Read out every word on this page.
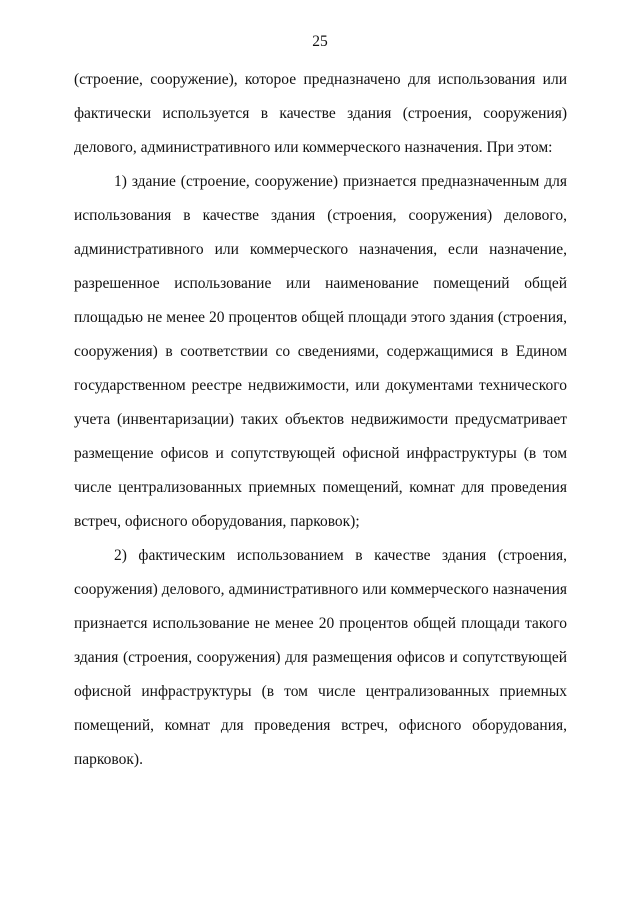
25
(строение, сооружение), которое предназначено для использования или
фактически используется в качестве здания (строения, сооружения)
делового, административного или коммерческого назначения. При этом:
1) здание (строение, сооружение) признается предназначенным для
использования в качестве здания (строения, сооружения) делового,
административного или коммерческого назначения, если назначение,
разрешенное использование или наименование помещений общей
площадью не менее 20 процентов общей площади этого здания (строения,
сооружения) в соответствии со сведениями, содержащимися в Едином
государственном реестре недвижимости, или документами технического
учета (инвентаризации) таких объектов недвижимости предусматривает
размещение офисов и сопутствующей офисной инфраструктуры (в том
числе централизованных приемных помещений, комнат для проведения
встреч, офисного оборудования, парковок);
2) фактическим использованием в качестве здания (строения,
сооружения) делового, административного или коммерческого назначения
признается использование не менее 20 процентов общей площади такого
здания (строения, сооружения) для размещения офисов и сопутствующей
офисной инфраструктуры (в том числе централизованных приемных
помещений, комнат для проведения встреч, офисного оборудования,
парковок).
